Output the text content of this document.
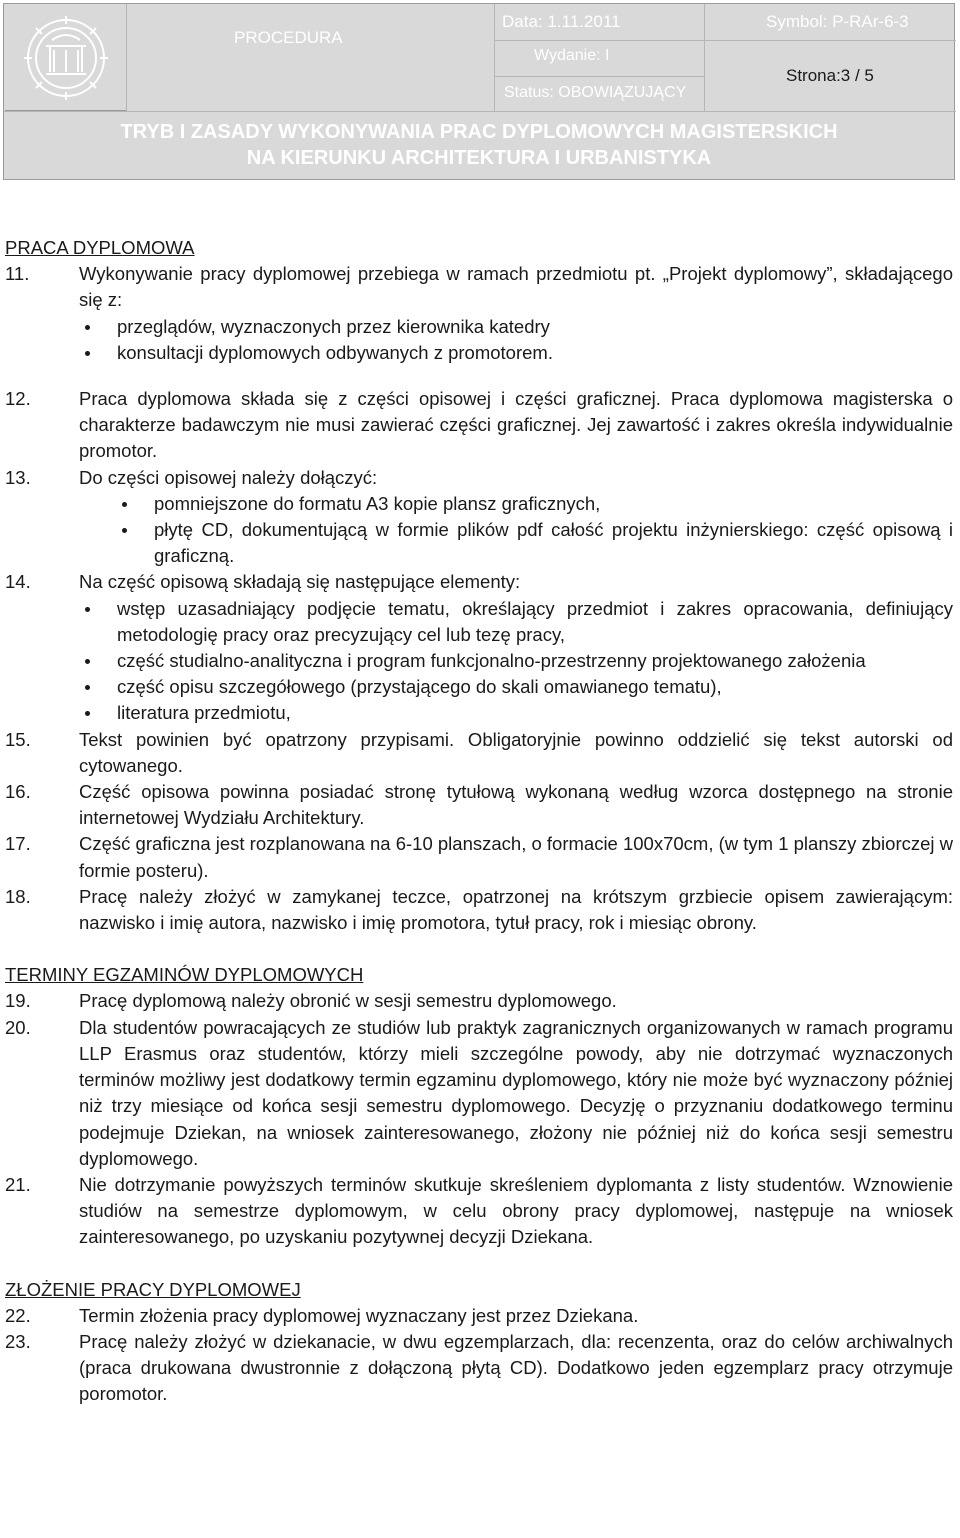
PROCEDURA
Data: 1.11.2011
Wydanie: I
Status: OBOWIĄZUJĄCY
Symbol: P-RAr-6-3
Strona:3 / 5
TRYB I ZASADY WYKONYWANIA PRAC DYPLOMOWYCH MAGISTERSKICH
NA KIERUNKU ARCHITEKTURA I URBANISTYKA
PRACA DYPLOMOWA
11.	Wykonywanie pracy dyplomowej przebiega w ramach przedmiotu pt. „Projekt dyplomowy”, składającego się z:
przeglądów, wyznaczonych przez kierownika katedry
konsultacji dyplomowych odbywanych z promotorem.
12.	Praca dyplomowa składa się z części opisowej i części graficznej. Praca dyplomowa magisterska o charakterze badawczym nie musi zawierać części graficznej. Jej zawartość i zakres określa indywidualnie promotor.
13.	Do części opisowej należy dołączyć:
pomniejszone do formatu A3 kopie plansz graficznych,
płytę CD, dokumentującą w formie plików pdf całość projektu inżynierskiego: część opisową i graficzną.
14.	Na część opisową składają się następujące elementy:
wstęp uzasadniający podjęcie tematu, określający przedmiot i zakres opracowania, definiujący metodologię pracy oraz precyzujący cel lub tezę pracy,
część studialno-analityczna i program funkcjonalno-przestrzenny projektowanego założenia
część opisu szczegółowego (przystającego do skali omawianego tematu),
literatura przedmiotu,
15.	Tekst powinien być opatrzony przypisami. Obligatoryjnie powinno oddzielić się tekst autorski od cytowanego.
16.	Część opisowa powinna posiadać stronę tytułową wykonaną według wzorca dostępnego na stronie internetowej Wydziału Architektury.
17.	Część graficzna jest rozplanowana na 6-10 planszach, o formacie 100x70cm, (w tym 1 planszy zbiorczej w formie posteru).
18.	Pracę należy złożyć w zamykanej teczce, opatrzonej na krótszym grzbiecie opisem zawierającym: nazwisko i imię autora, nazwisko i imię promotora, tytuł pracy, rok i miesiąc obrony.
TERMINY EGZAMINÓW DYPLOMOWYCH
19.	Pracę dyplomową należy obronić w sesji semestru dyplomowego.
20.	Dla studentów powracających ze studiów lub praktyk zagranicznych organizowanych w ramach programu LLP Erasmus oraz studentów, którzy mieli szczególne powody, aby nie dotrzymać wyznaczonych terminów możliwy jest dodatkowy termin egzaminu dyplomowego, który nie może być wyznaczony później niż trzy miesiące od końca sesji semestru dyplomowego. Decyzję o przyznaniu dodatkowego terminu podejmuje Dziekan, na wniosek zainteresowanego, złożony nie później niż do końca sesji semestru dyplomowego.
21.	Nie dotrzymanie powyższych terminów skutkuje skreśleniem dyplomanta z listy studentów. Wznowienie studiów na semestrze dyplomowym, w celu obrony pracy dyplomowej, następuje na wniosek zainteresowanego, po uzyskaniu pozytywnej decyzji Dziekana.
ZŁOŻENIE PRACY DYPLOMOWEJ
22.	Termin złożenia pracy dyplomowej wyznaczany jest przez Dziekana.
23.	Pracę należy złożyć w dziekanacie, w dwu egzemplarzach, dla: recenzenta, oraz do celów archiwalnych (praca drukowana dwustronnie z dołączoną płytą CD). Dodatkowo jeden egzemplarz pracy otrzymuje poromotor.
